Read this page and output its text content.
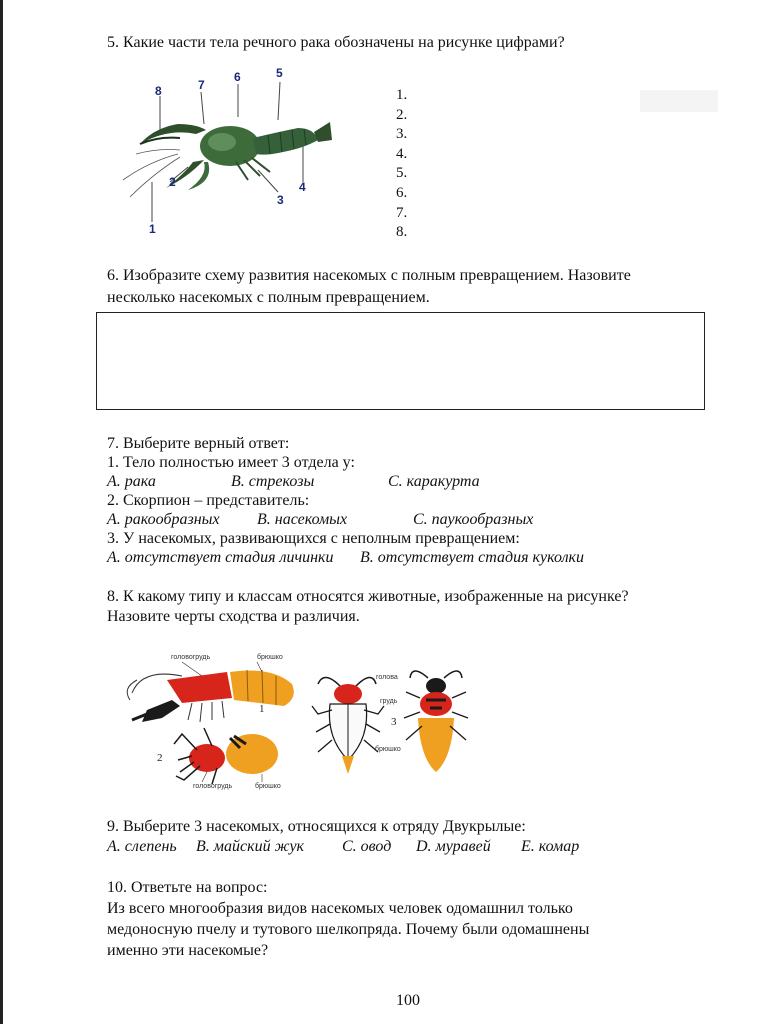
5. Какие части тела речного рака обозначены на рисунке цифрами?
8	7
6	5
4
3
2
1
1.
2.
3.
4.
5.
6.
7.
8.
6. Изобразите схему развития насекомых с полным превращением. Назовите
несколько насекомых с полным превращением.
7. Выберите верный ответ:
1. Тело полностью имеет 3 отдела у:
А. рака	В. стрекозы	С. каракурта
2. Скорпион – представитель:
А. ракообразных В. насекомых	С. паукообразных
3. У насекомых, развивающихся с неполным превращением:
А. отсутствует стадия личинки В. отсутствует стадия куколки
8. К какому типу и классам относятся животные, изображенные на рисунке?
Назовите черты сходства и различия.
головогрудь	брюшко
головогрудь	брюшко
голова
грудь
брюшко
1
2
3
9. Выберите 3 насекомых, относящихся к отряду Двукрылые:
А. слепень В. майский жук С. овод D. муравей Е. комар
10. Ответьте на вопрос:
Из всего многообразия видов насекомых человек одомашнил только
медоносную пчелу и тутового шелкопряда. Почему были одомашнены
именно эти насекомые?
100
